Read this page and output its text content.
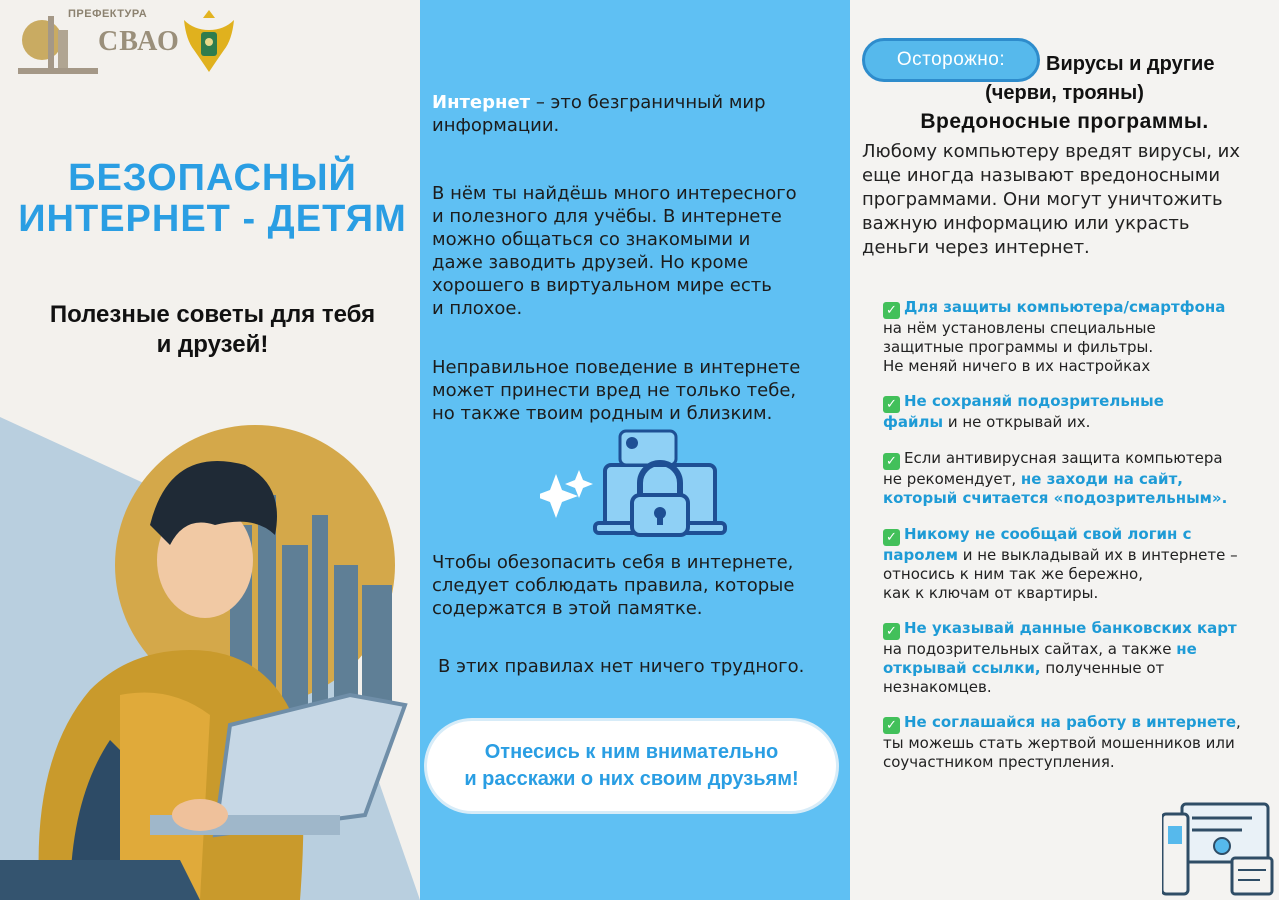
ПРЕФЕКТУРА
СВАО
БЕЗОПАСНЫЙ
ИНТЕРНЕТ - ДЕТЯМ
Полезные советы для тебя
и друзей!

Интернет – это безграничный мир
информации.

В нём ты найдёшь много интересного
и полезного для учёбы. В интернете
можно общаться со знакомыми и
даже заводить друзей. Но кроме
хорошего в виртуальном мире есть
и плохое.

Неправильное поведение в интернете
может принести вред не только тебе,
но также твоим родным и близким.

Чтобы обезопасить себя в интернете,
следует соблюдать правила, которые
содержатся в этой памятке.

В этих правилах нет ничего трудного.

Отнесись к ним внимательно
и расскажи о них своим друзьям!
Осторожно:	Вирусы и другие
(черви, трояны)
Вредоносные программы.
Любому компьютеру вредят вирусы, их
еще иногда называют вредоносными
программами. Они могут уничтожить
важную информацию или украсть
деньги через интернет.
✓ Для защиты компьютера/смартфона
на нём установлены специальные
защитные программы и фильтры.
Не меняй ничего в их настройках
✓ Не сохраняй подозрительные
файлы и не открывай их.
✓ Если антивирусная защита компьютера
не рекомендует, не заходи на сайт,
который считается «подозрительным».
✓ Никому не сообщай свой логин с
паролем и не выкладывай их в интернете –
относись к ним так же бережно,
как к ключам от квартиры.
✓ Не указывай данные банковских карт
на подозрительных сайтах, а также не
открывай ссылки, полученные от
незнакомцев.
✓ Не соглашайся на работу в интернете,
ты можешь стать жертвой мошенников или
соучастником преступления.
